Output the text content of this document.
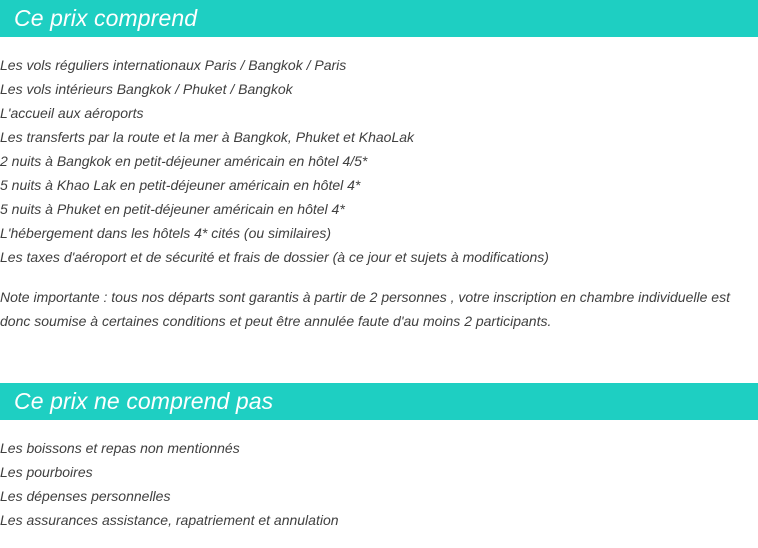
Ce prix comprend
Les vols réguliers internationaux Paris / Bangkok / Paris
Les vols intérieurs Bangkok / Phuket / Bangkok
L'accueil aux aéroports
Les transferts par la route et la mer à Bangkok, Phuket et KhaoLak
2 nuits à Bangkok en petit-déjeuner américain en hôtel 4/5*
5 nuits à Khao Lak en petit-déjeuner américain en hôtel 4*
5 nuits à Phuket en petit-déjeuner américain en hôtel 4*
L'hébergement dans les hôtels 4* cités (ou similaires)
Les taxes d'aéroport et de sécurité et frais de dossier (à ce jour et sujets à modifications)

Note importante : tous nos départs sont garantis à partir de 2 personnes , votre inscription en chambre individuelle est donc soumise à certaines conditions et peut être annulée faute d'au moins 2 participants.

Ce prix ne comprend pas
Les boissons et repas non mentionnés
Les pourboires
Les dépenses personnelles
Les assurances assistance, rapatriement et annulation
